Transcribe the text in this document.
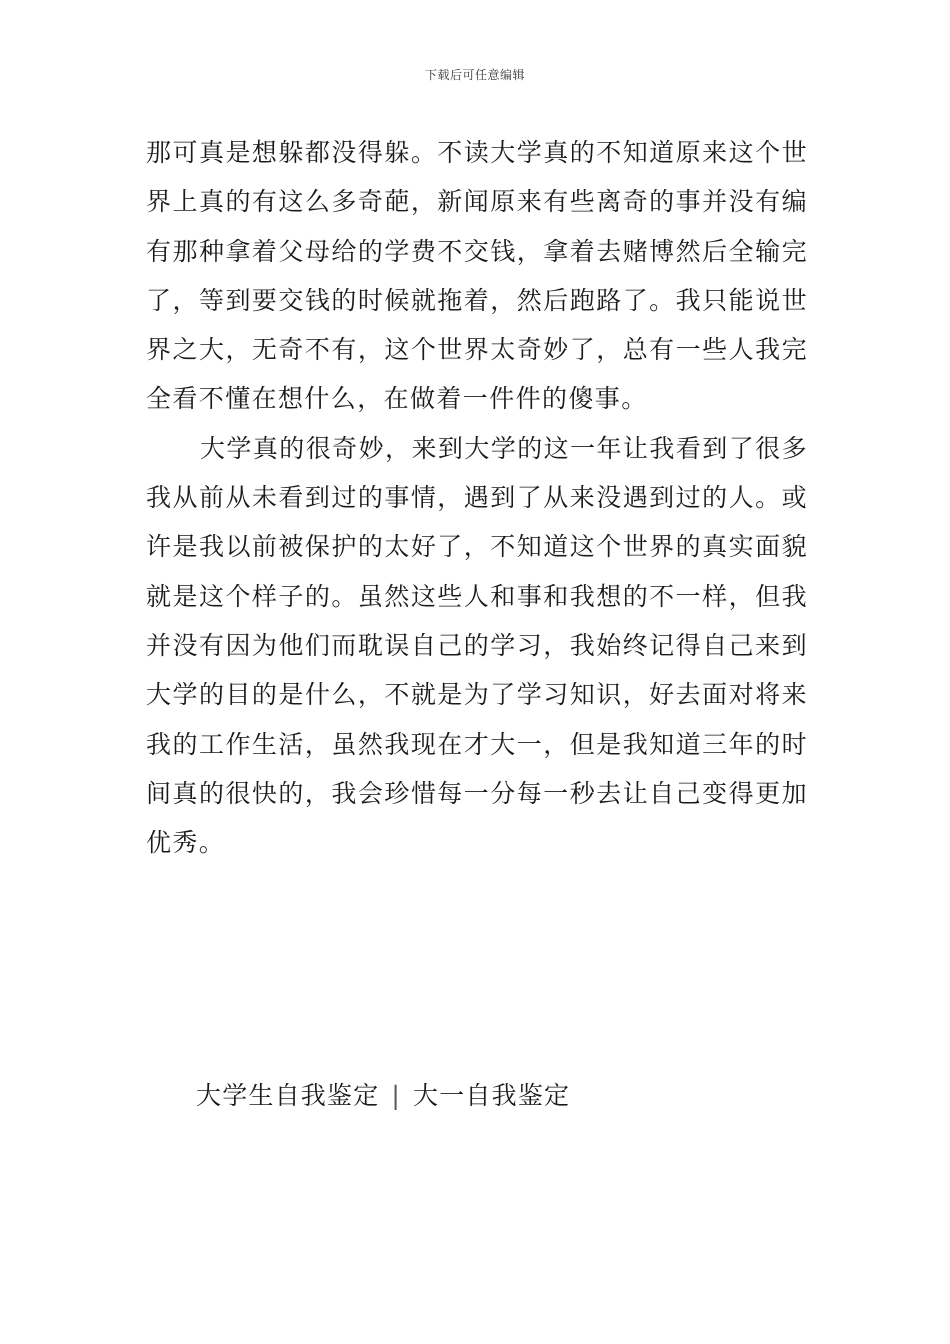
下载后可任意编辑

那可真是想躲都没得躲。不读大学真的不知道原来这个世界上真的有这么多奇葩，新闻原来有些离奇的事并没有编有那种拿着父母给的学费不交钱，拿着去赌博然后全输完了，等到要交钱的时候就拖着，然后跑路了。我只能说世界之大，无奇不有，这个世界太奇妙了，总有一些人我完全看不懂在想什么，在做着一件件的傻事。

大学真的很奇妙，来到大学的这一年让我看到了很多我从前从未看到过的事情，遇到了从来没遇到过的人。或许是我以前被保护的太好了，不知道这个世界的真实面貌就是这个样子的。虽然这些人和事和我想的不一样，但我并没有因为他们而耽误自己的学习，我始终记得自己来到大学的目的是什么，不就是为了学习知识，好去面对将来我的工作生活，虽然我现在才大一，但是我知道三年的时间真的很快的，我会珍惜每一分每一秒去让自己变得更加优秀。

大学生自我鉴定 | 大一自我鉴定
